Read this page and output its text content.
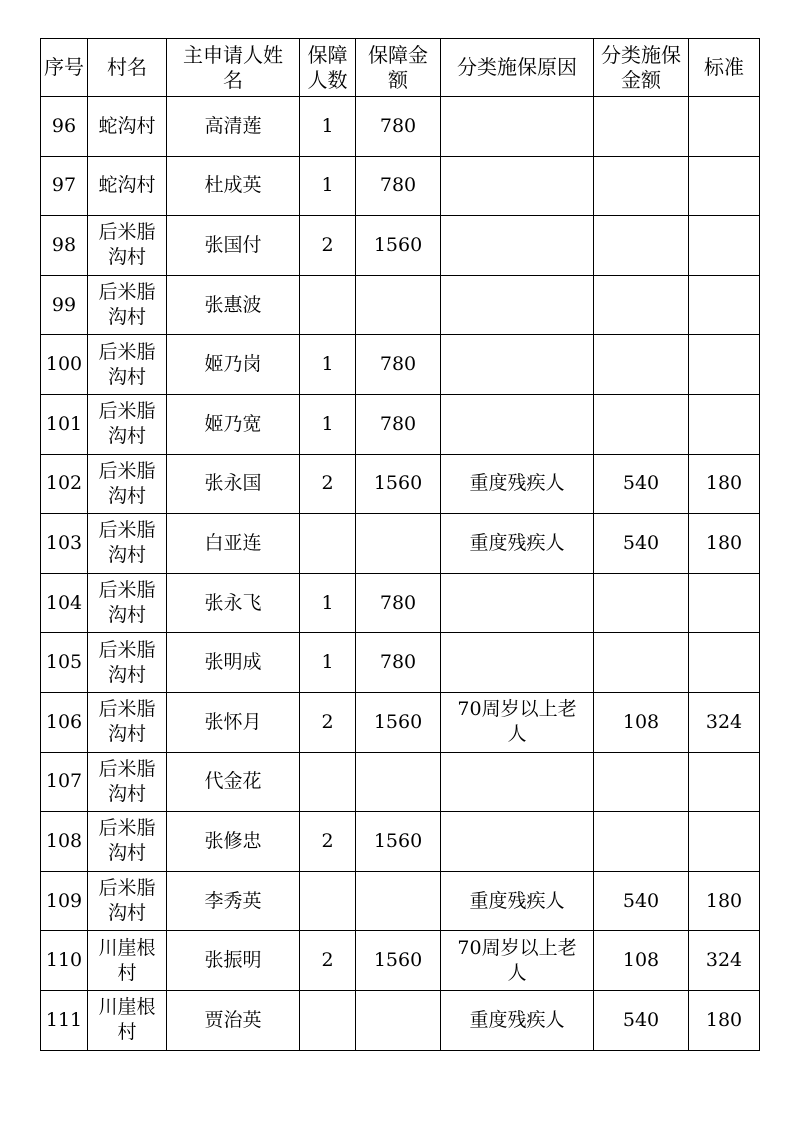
序号	村名	主申请人姓名	保障人数	保障金额	分类施保原因	分类施保金额	标准
96	蛇沟村	高清莲	1	780			
97	蛇沟村	杜成英	1	780			
98	后米脂沟村	张国付	2	1560			
99	后米脂沟村	张惠波					
100	后米脂沟村	姬乃岗	1	780			
101	后米脂沟村	姬乃宽	1	780			
102	后米脂沟村	张永国	2	1560	重度残疾人	540	180
103	后米脂沟村	白亚连			重度残疾人	540	180
104	后米脂沟村	张永飞	1	780			
105	后米脂沟村	张明成	1	780			
106	后米脂沟村	张怀月	2	1560	70周岁以上老人	108	324
107	后米脂沟村	代金花					
108	后米脂沟村	张修忠	2	1560			
109	后米脂沟村	李秀英			重度残疾人	540	180
110	川崖根村	张振明	2	1560	70周岁以上老人	108	324
111	川崖根村	贾治英			重度残疾人	540	180
